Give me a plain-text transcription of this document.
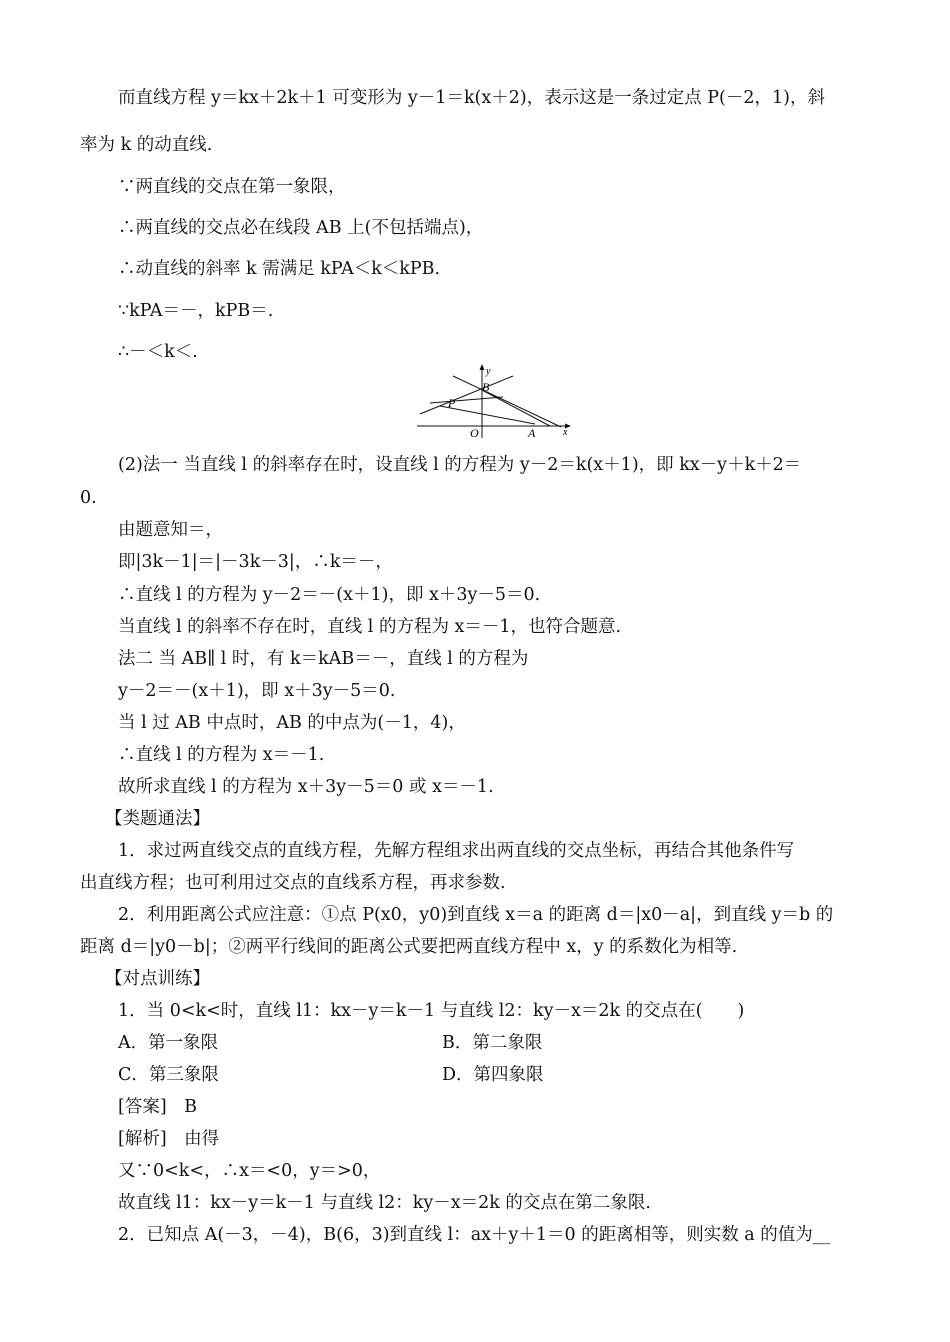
而直线方程 y＝kx＋2k＋1 可变形为 y－1＝k(x＋2)，表示这是一条过定点 P(－2，1)，斜
率为 k 的动直线.
∵两直线的交点在第一象限，
∴两直线的交点必在线段 AB 上(不包括端点)，
∴动直线的斜率 k 需满足 kPA＜k＜kPB.
∵kPA＝－，kPB＝.
∴－＜k＜.
(2)法一 当直线 l 的斜率存在时，设直线 l 的方程为 y－2＝k(x＋1)，即 kx－y＋k＋2＝
0.
由题意知＝，
即|3k－1|＝|－3k－3|，∴k＝－，
∴直线 l 的方程为 y－2＝－(x＋1)，即 x＋3y－5＝0.
当直线 l 的斜率不存在时，直线 l 的方程为 x＝－1，也符合题意.
法二 当 AB∥ l 时，有 k＝kAB＝－，直线 l 的方程为
y－2＝－(x＋1)，即 x＋3y－5＝0.
当 l 过 AB 中点时，AB 的中点为(－1，4)，
∴直线 l 的方程为 x＝－1.
故所求直线 l 的方程为 x＋3y－5＝0 或 x＝－1.
【类题通法】
1．求过两直线交点的直线方程，先解方程组求出两直线的交点坐标，再结合其他条件写
出直线方程；也可利用过交点的直线系方程，再求参数.
2．利用距离公式应注意：①点 P(x0，y0)到直线 x＝a 的距离 d＝|x0－a|，到直线 y＝b 的
距离 d＝|y0－b|；②两平行线间的距离公式要把两直线方程中 x，y 的系数化为相等.
【对点训练】
1．当 0<k<时，直线 l1：kx－y＝k－1 与直线 l2：ky－x＝2k 的交点在(　　)
A．第一象限	B．第二象限
C．第三象限	D．第四象限
[答案]　B
[解析]　由得
又∵0<k<，∴x＝<0，y＝>0，
故直线 l1：kx－y＝k－1 与直线 l2：ky－x＝2k 的交点在第二象限.
2．已知点 A(－3，－4)，B(6，3)到直线 l：ax＋y＋1＝0 的距离相等，则实数 a 的值为__
y
B
P
O	A	x
